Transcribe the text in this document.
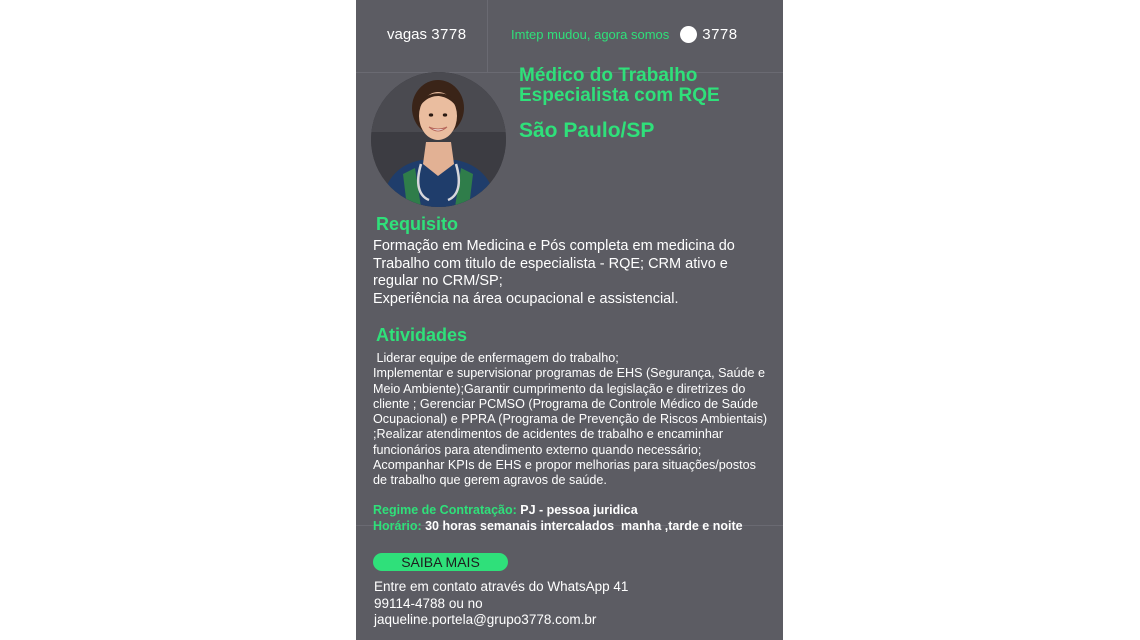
vagas 3778	Imtep mudou, agora somos 3778
Médico do Trabalho Especialista com RQE
São Paulo/SP
Requisito

Formação em Medicina e Pós completa em medicina do Trabalho com titulo de especialista - RQE; CRM ativo e regular no CRM/SP;

Experiência na área ocupacional e assistencial.

Atividades

Liderar equipe de enfermagem do trabalho;

Implementar e supervisionar programas de EHS (Segurança, Saúde e Meio Ambiente);Garantir cumprimento da legislação e diretrizes do cliente ; Gerenciar PCMSO (Programa de Controle Médico de Saúde Ocupacional) e PPRA (Programa de Prevenção de Riscos Ambientais) ;Realizar atendimentos de acidentes de trabalho e encaminhar funcionários para atendimento externo quando necessário; Acompanhar KPIs de EHS e propor melhorias para situações/postos de trabalho que gerem agravos de saúde.

Regime de Contratação: PJ - pessoa juridica
Horário: 30 horas semanais intercalados  manha ,tarde e noite
SAIBA MAIS
Entre em contato através do WhatsApp 41
99114-4788 ou no
jaqueline.portela@grupo3778.com.br
